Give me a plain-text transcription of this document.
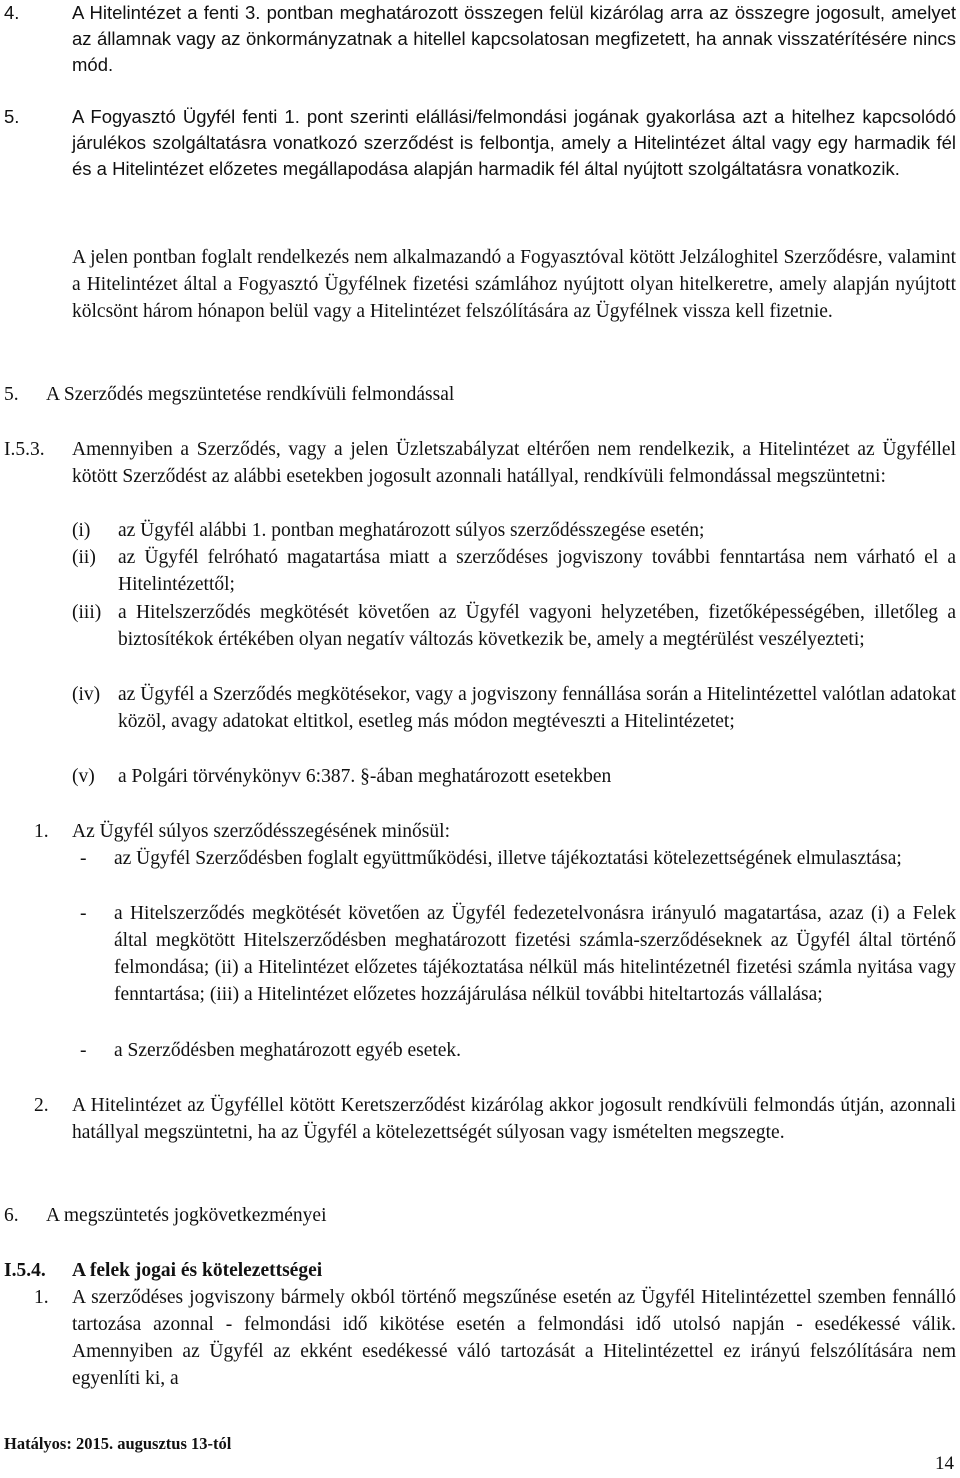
4.	A Hitelintézet a fenti 3. pontban meghatározott összegen felül kizárólag arra az összegre jogosult, amelyet az államnak vagy az önkormányzatnak a hitellel kapcsolatosan megfizetett, ha annak visszatérítésére nincs mód.
5.	A Fogyasztó Ügyfél fenti 1. pont szerinti elállási/felmondási jogának gyakorlása azt a hitelhez kapcsolódó járulékos szolgáltatásra vonatkozó szerződést is felbontja, amely a Hitelintézet által vagy egy harmadik fél és a Hitelintézet előzetes megállapodása alapján harmadik fél által nyújtott szolgáltatásra vonatkozik.
A jelen pontban foglalt rendelkezés nem alkalmazandó a Fogyasztóval kötött Jelzáloghitel Szerződésre, valamint a Hitelintézet által a Fogyasztó Ügyfélnek fizetési számlához nyújtott olyan hitelkeretre, amely alapján nyújtott kölcsönt három hónapon belül vagy a Hitelintézet felszólítására az Ügyfélnek vissza kell fizetnie.
5. A Szerződés megszüntetése rendkívüli felmondással
I.5.3. Amennyiben a Szerződés, vagy a jelen Üzletszabályzat eltérően nem rendelkezik, a Hitelintézet az Ügyféllel kötött Szerződést az alábbi esetekben jogosult azonnali hatállyal, rendkívüli felmondással megszüntetni:
(i) az Ügyfél alábbi 1. pontban meghatározott súlyos szerződésszegése esetén;
(ii) az Ügyfél felróható magatartása miatt a szerződéses jogviszony további fenntartása nem várható el a Hitelintézettől;
(iii) a Hitelszerződés megkötését követően az Ügyfél vagyoni helyzetében, fizetőképességében, illetőleg a biztosítékok értékében olyan negatív változás következik be, amely a megtérülést veszélyezteti;
(iv) az Ügyfél a Szerződés megkötésekor, vagy a jogviszony fennállása során a Hitelintézettel valótlan adatokat közöl, avagy adatokat eltitkol, esetleg más módon megtéveszti a Hitelintézetet;
(v) a Polgári törvénykönyv 6:387. §-ában meghatározott esetekben
1. Az Ügyfél súlyos szerződésszegésének minősül:
- az Ügyfél Szerződésben foglalt együttműködési, illetve tájékoztatási kötelezettségének elmulasztása;
- a Hitelszerződés megkötését követően az Ügyfél fedezetelvonásra irányuló magatartása, azaz (i) a Felek által megkötött Hitelszerződésben meghatározott fizetési számla-szerződéseknek az Ügyfél által történő felmondása; (ii) a Hitelintézet előzetes tájékoztatása nélkül más hitelintézetnél fizetési számla nyitása vagy fenntartása; (iii) a Hitelintézet előzetes hozzájárulása nélkül további hiteltartozás vállalása;
- a Szerződésben meghatározott egyéb esetek.
2. A Hitelintézet az Ügyféllel kötött Keretszerződést kizárólag akkor jogosult rendkívüli felmondás útján, azonnali hatállyal megszüntetni, ha az Ügyfél a kötelezettségét súlyosan vagy ismételten megszegte.
6. A megszüntetés jogkövetkezményei
I.5.4. A felek jogai és kötelezettségei
1. A szerződéses jogviszony bármely okból történő megszűnése esetén az Ügyfél Hitelintézettel szemben fennálló tartozása azonnal - felmondási idő kikötése esetén a felmondási idő utolsó napján - esedékessé válik. Amennyiben az Ügyfél az ekként esedékessé váló tartozását a Hitelintézettel ez irányú felszólítására nem egyenlíti ki, a
Hatályos: 2015. augusztus 13-tól
14
